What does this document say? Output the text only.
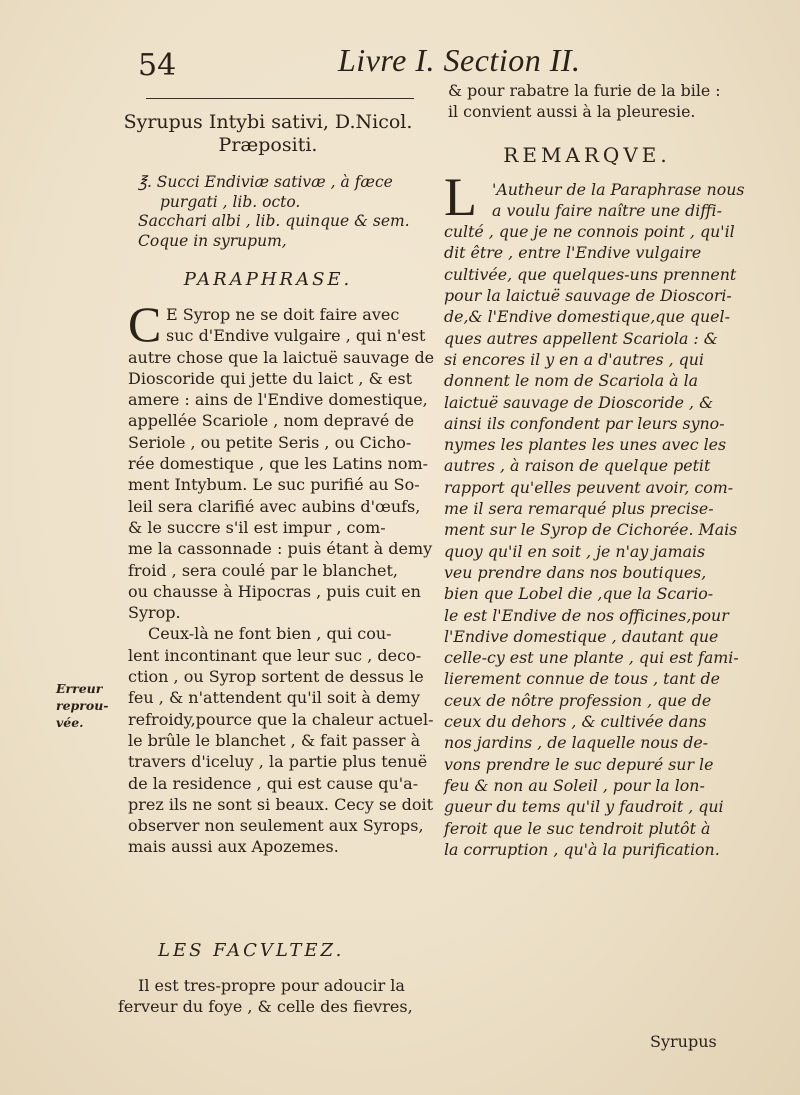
54	Livre I. Section II.
Syrupus Intybi sativi, D.Nicol.
Præpositi.
℥. Succi Endiviæ sativæ , à fæce
purgati , lib. octo.
Sacchari albi , lib. quinque & sem.
Coque in syrupum,
PARAPHRASE.
C E Syrop ne se doit faire avec
suc d'Endive vulgaire , qui n'est
autre chose que la laictuë sauvage de
Dioscoride qui jette du laict , & est
amere : ains de l'Endive domestique,
appellée Scariole , nom depravé de
Seriole , ou petite Seris , ou Cicho-
rée domestique , que les Latins nom-
ment Intybum. Le suc purifié au So-
leil sera clarifié avec aubins d'œufs,
& le succre s'il est impur , com-
me la cassonnade : puis étant à demy
froid , sera coulé par le blanchet,
ou chausse à Hipocras , puis cuit en
Syrop.
Ceux-là ne font bien , qui cou-
lent incontinant que leur suc , deco-
ction , ou Syrop sortent de dessus le
feu , & n'attendent qu'il soit à demy
refroidy,pource que la chaleur actuel-
le brûle le blanchet , & fait passer à
travers d'iceluy , la partie plus tenuë
de la residence , qui est cause qu'a-
prez ils ne sont si beaux. Cecy se doit
observer non seulement aux Syrops,
mais aussi aux Apozemes.
LES FACVLTEZ.
Il est tres-propre pour adoucir la
ferveur du foye , & celle des fievres,
Erreur
reprou-
vée.
& pour rabatre la furie de la bile :
il convient aussi à la pleuresie.
REMARQVE.
L 'Autheur de la Paraphrase nous
a voulu faire naître une diffi-
culté , que je ne connois point , qu'il
dit être , entre l'Endive vulgaire
cultivée, que quelques-uns prennent
pour la laictuë sauvage de Dioscori-
de,& l'Endive domestique,que quel-
ques autres appellent Scariola : &
si encores il y en a d'autres , qui
donnent le nom de Scariola à la
laictuë sauvage de Dioscoride , &
ainsi ils confondent par leurs syno-
nymes les plantes les unes avec les
autres , à raison de quelque petit
rapport qu'elles peuvent avoir, com-
me il sera remarqué plus precise-
ment sur le Syrop de Cichorée. Mais
quoy qu'il en soit , je n'ay jamais
veu prendre dans nos boutiques,
bien que Lobel die ,que la Scario-
le est l'Endive de nos officines,pour
l'Endive domestique , dautant que
celle-cy est une plante , qui est fami-
lierement connue de tous , tant de
ceux de nôtre profession , que de
ceux du dehors , & cultivée dans
nos jardins , de laquelle nous de-
vons prendre le suc depuré sur le
feu & non au Soleil , pour la lon-
gueur du tems qu'il y faudroit , qui
feroit que le suc tendroit plutôt à
la corruption , qu'à la purification.
Syrupus
